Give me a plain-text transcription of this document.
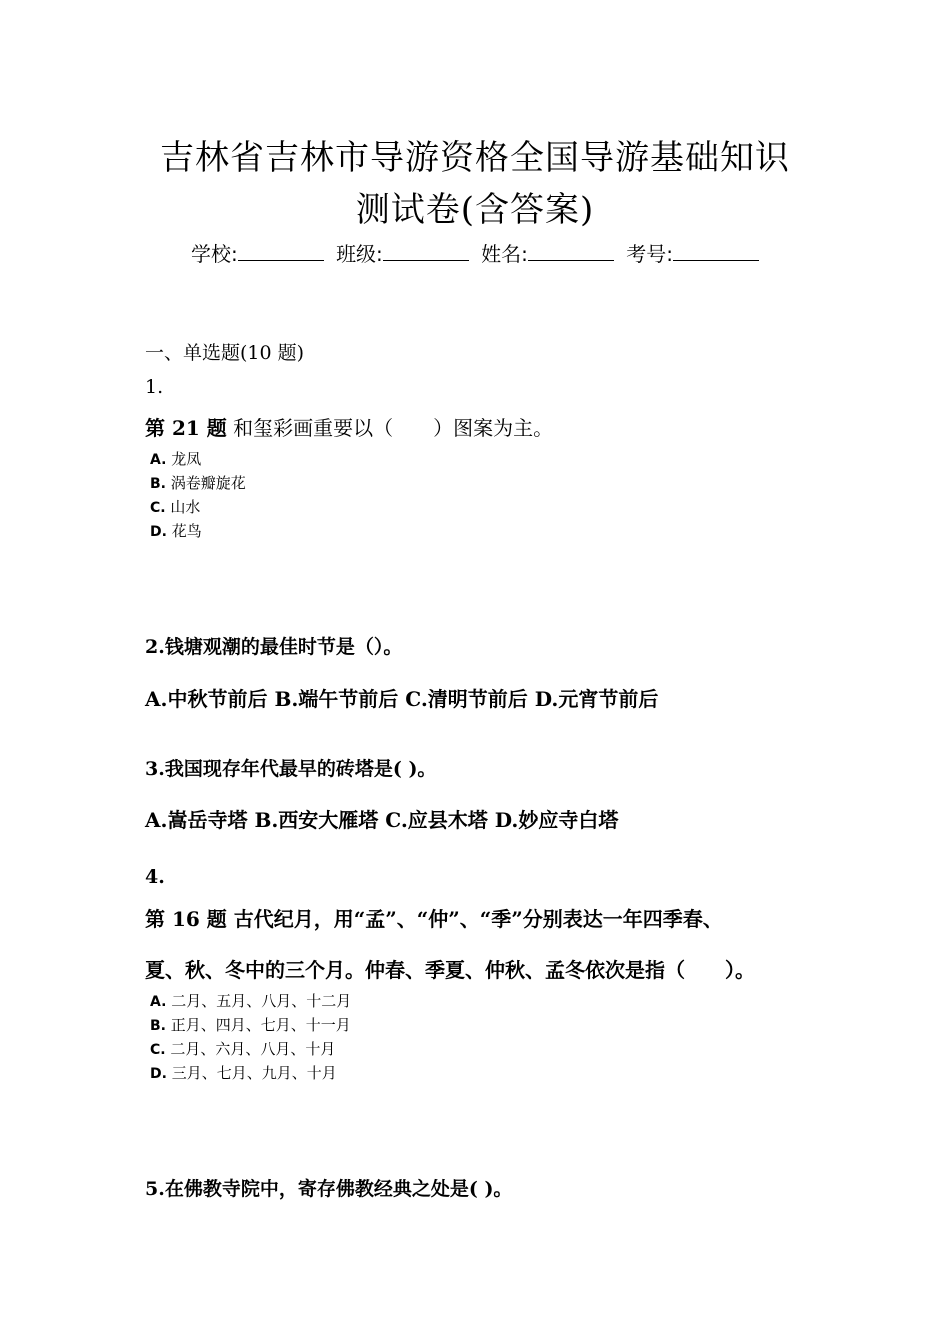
吉林省吉林市导游资格全国导游基础知识
测试卷(含答案)
学校:	班级:	姓名:	考号:
一、单选题(10 题)
1.
第 21 题 和玺彩画重要以（　　）图案为主。
A. 龙凤
B. 涡卷瓣旋花
C. 山水
D. 花鸟
2.钱塘观潮的最佳时节是（）。
A.中秋节前后 B.端午节前后 C.清明节前后 D.元宵节前后
3.我国现存年代最早的砖塔是( )。
A.嵩岳寺塔 B.西安大雁塔 C.应县木塔 D.妙应寺白塔
4.
第 16 题 古代纪月，用“孟”、“仲”、“季”分别表达一年四季春、
夏、秋、冬中的三个月。仲春、季夏、仲秋、孟冬依次是指（　　）。
A. 二月、五月、八月、十二月
B. 正月、四月、七月、十一月
C. 二月、六月、八月、十月
D. 三月、七月、九月、十月
5.在佛教寺院中，寄存佛教经典之处是( )。
